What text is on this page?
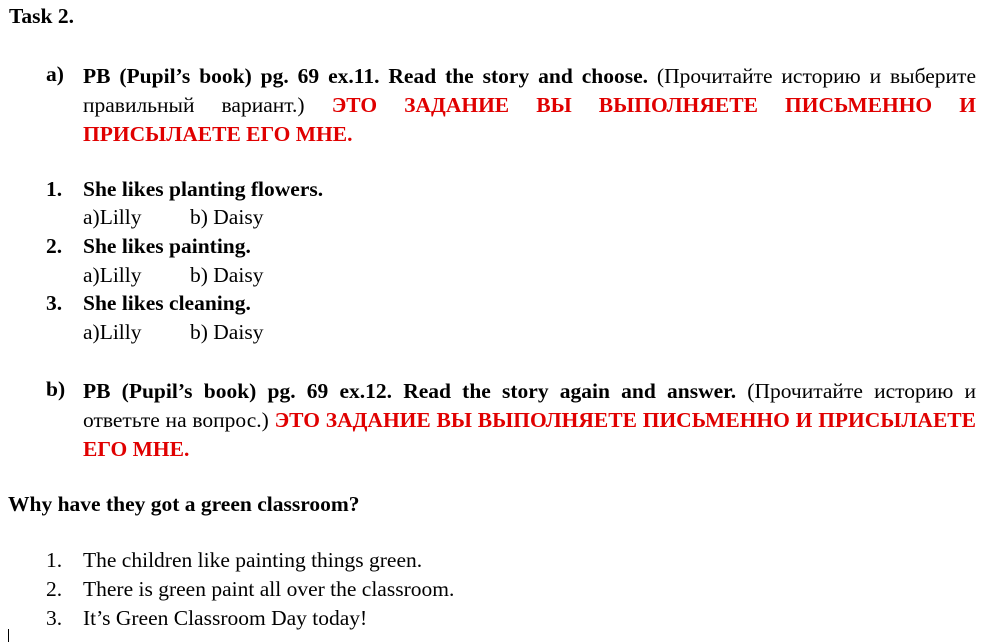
Task 2.
a) PB (Pupil’s book) pg. 69 ex.11. Read the story and choose. (Прочитайте историю и выберите правильный вариант.) ЭТО ЗАДАНИЕ ВЫ ВЫПОЛНЯЕТЕ ПИСЬМЕННО И ПРИСЫЛАЕТЕ ЕГО МНЕ.
1. She likes planting flowers.
a)Lilly b) Daisy
2. She likes painting.
a)Lilly b) Daisy
3. She likes cleaning.
a)Lilly b) Daisy
b) PB (Pupil’s book) pg. 69 ex.12. Read the story again and answer. (Прочитайте историю и ответьте на вопрос.) ЭТО ЗАДАНИЕ ВЫ ВЫПОЛНЯЕТЕ ПИСЬМЕННО И ПРИСЫЛАЕТЕ ЕГО МНЕ.
Why have they got a green classroom?
1. The children like painting things green.
2. There is green paint all over the classroom.
3. It’s Green Classroom Day today!
